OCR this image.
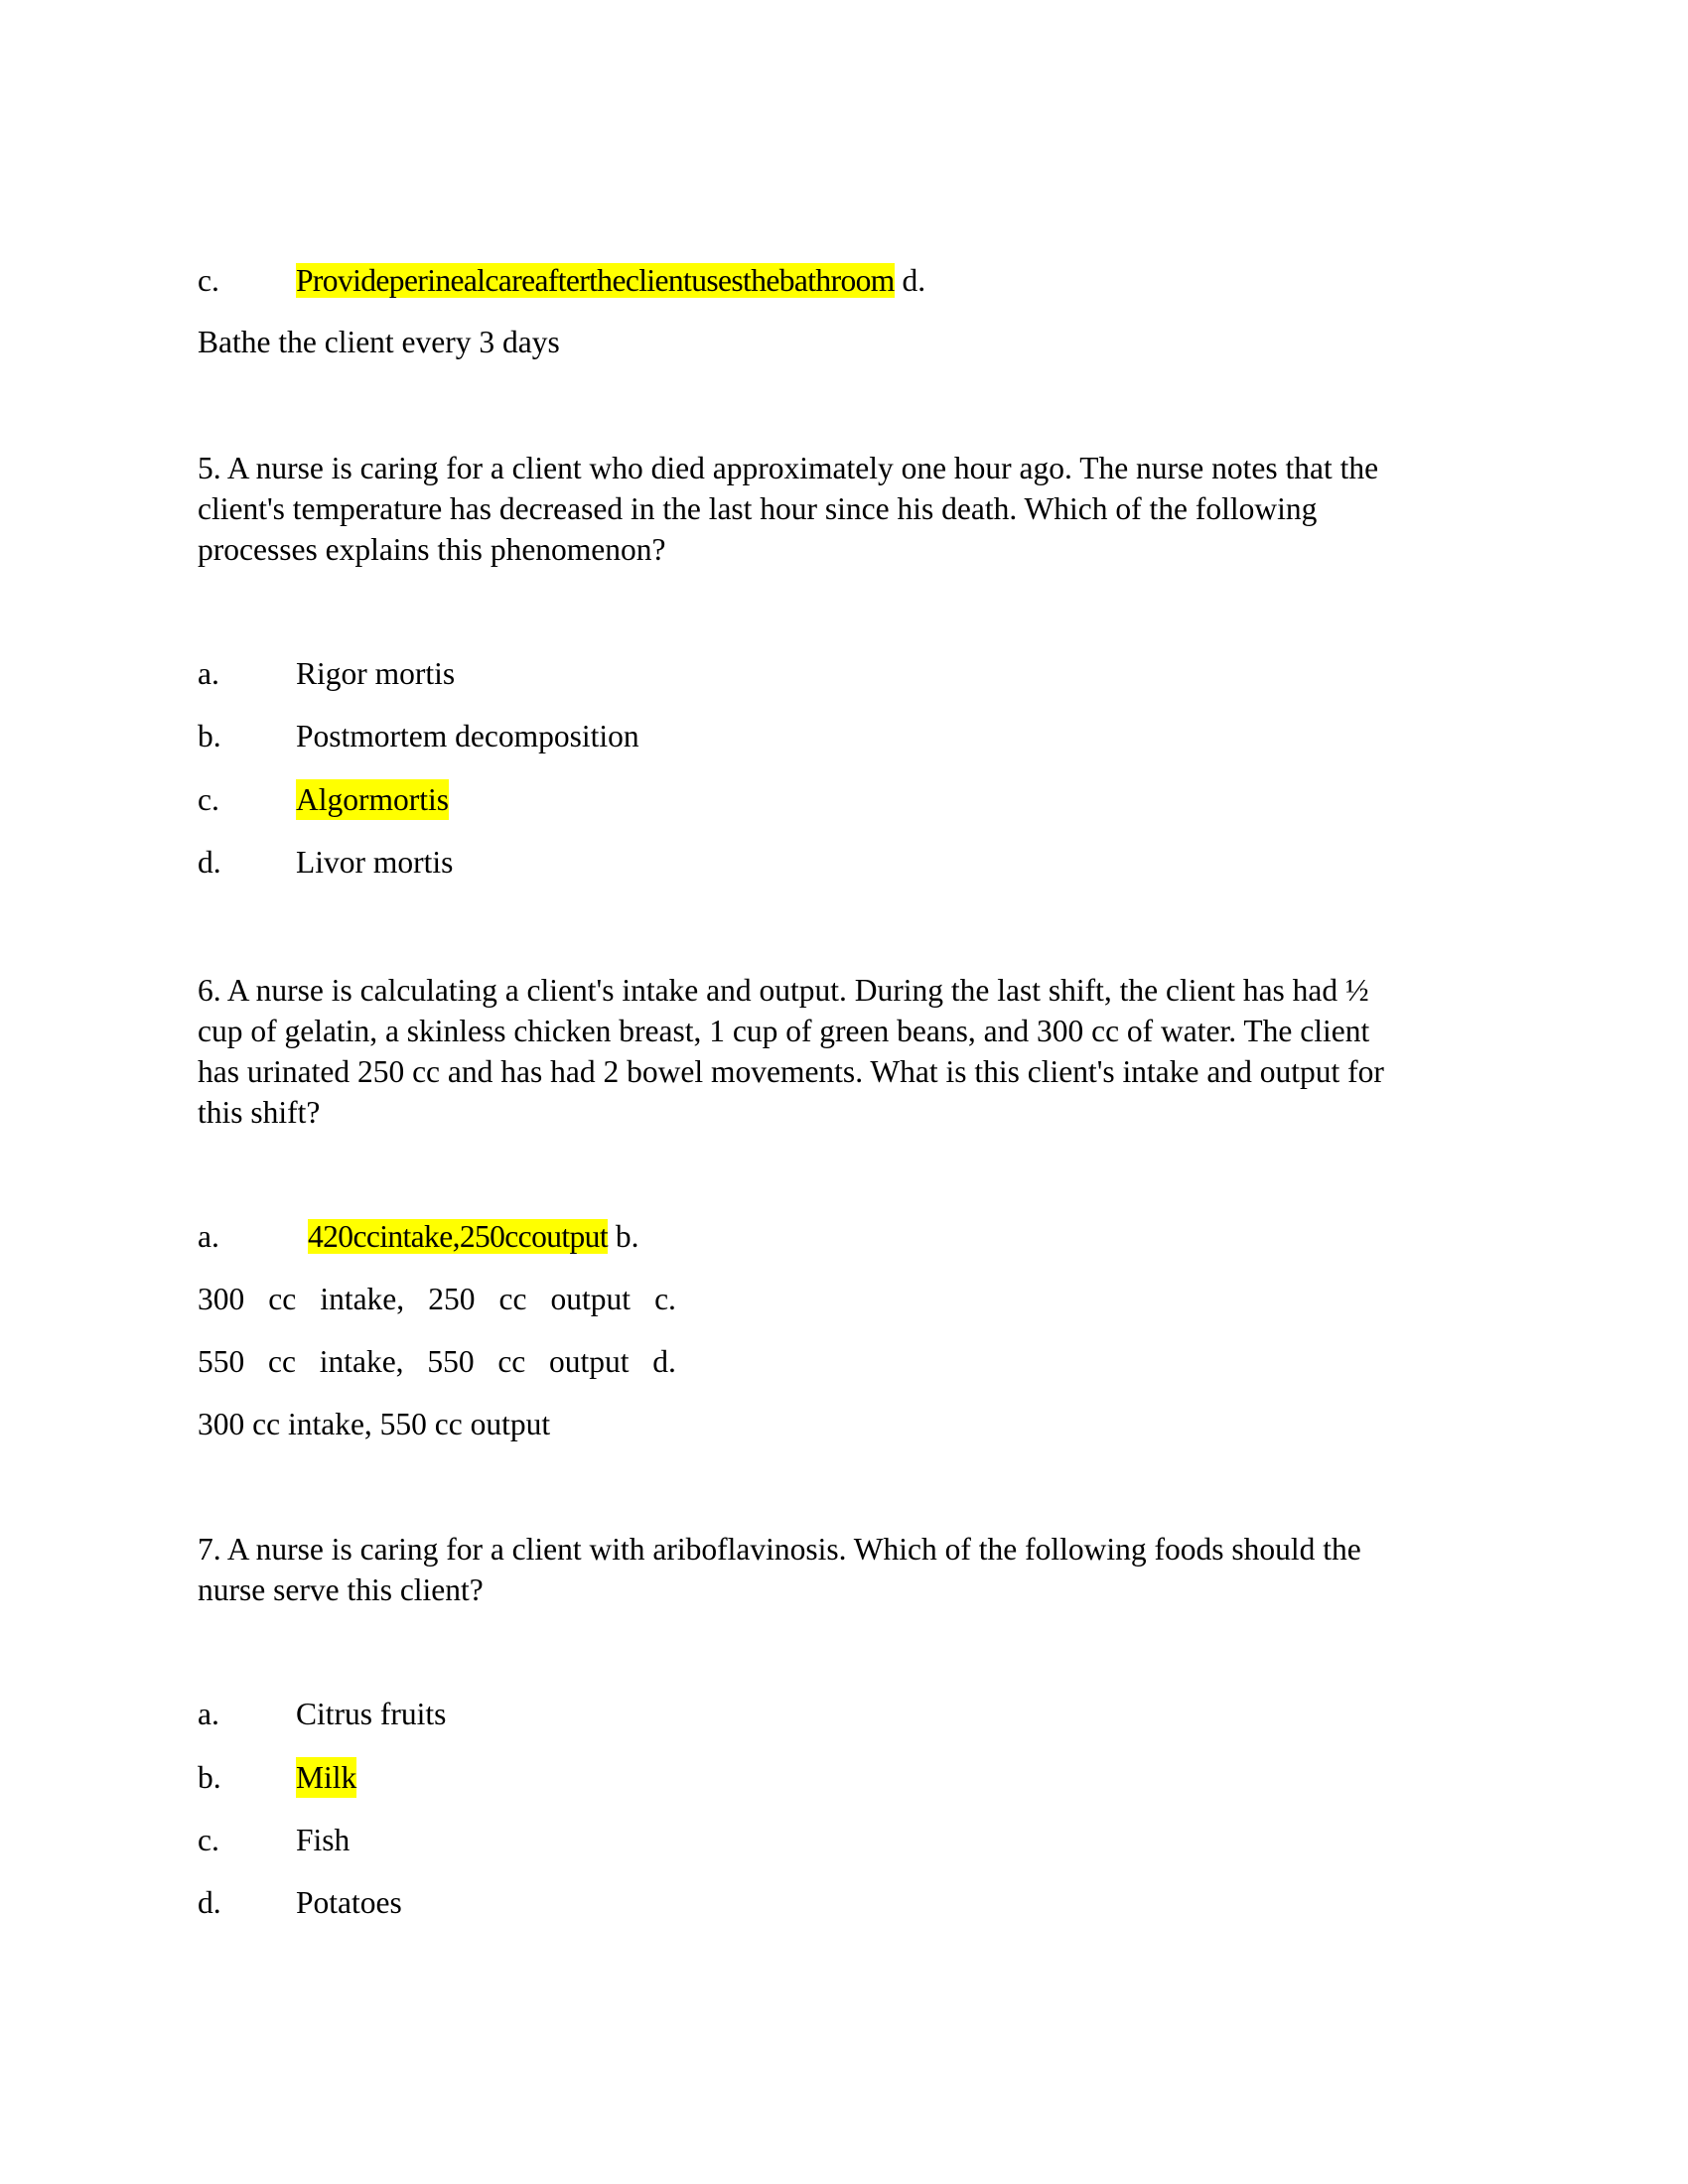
c. Provideperinealcareaftertheclientusesthebathroom d.
Bathe the client every 3 days
5. A nurse is caring for a client who died approximately one hour ago. The nurse notes that the
client's temperature has decreased in the last hour since his death. Which of the following
processes explains this phenomenon?
a. Rigor mortis
b. Postmortem decomposition
c. Algormortis
d. Livor mortis
6. A nurse is calculating a client's intake and output. During the last shift, the client has had ½
cup of gelatin, a skinless chicken breast, 1 cup of green beans, and 300 cc of water. The client
has urinated 250 cc and has had 2 bowel movements. What is this client's intake and output for
this shift?
a.	420ccintake,250ccoutput b.
300 cc intake, 250 cc output c.
550 cc intake, 550 cc output d.
300 cc intake, 550 cc output
7. A nurse is caring for a client with ariboflavinosis. Which of the following foods should the
nurse serve this client?
a. Citrus fruits
b. Milk
c. Fish
d. Potatoes
